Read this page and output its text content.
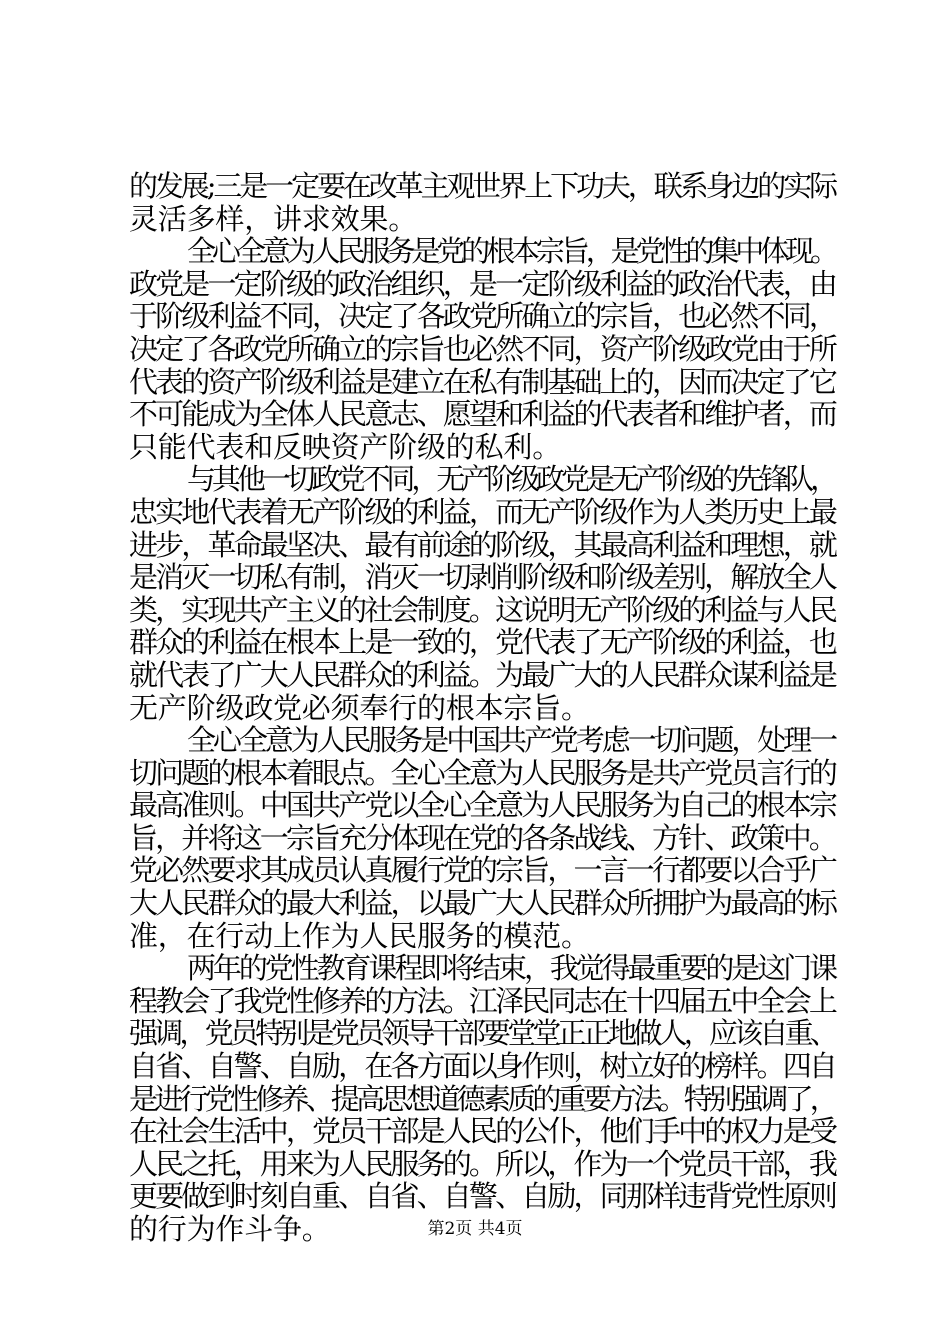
的发展;三是一定要在改革主观世界上下功夫，联系身边的实际
灵活多样，讲求效果。
全心全意为人民服务是党的根本宗旨，是党性的集中体现。
政党是一定阶级的政治组织，是一定阶级利益的政治代表，由
于阶级利益不同，决定了各政党所确立的宗旨，也必然不同，
决定了各政党所确立的宗旨也必然不同，资产阶级政党由于所
代表的资产阶级利益是建立在私有制基础上的，因而决定了它
不可能成为全体人民意志、愿望和利益的代表者和维护者，而
只能代表和反映资产阶级的私利。
与其他一切政党不同，无产阶级政党是无产阶级的先锋队，
忠实地代表着无产阶级的利益，而无产阶级作为人类历史上最
进步，革命最坚决、最有前途的阶级，其最高利益和理想，就
是消灭一切私有制，消灭一切剥削阶级和阶级差别，解放全人
类，实现共产主义的社会制度。这说明无产阶级的利益与人民
群众的利益在根本上是一致的，党代表了无产阶级的利益，也
就代表了广大人民群众的利益。为最广大的人民群众谋利益是
无产阶级政党必须奉行的根本宗旨。
全心全意为人民服务是中国共产党考虑一切问题，处理一
切问题的根本着眼点。全心全意为人民服务是共产党员言行的
最高准则。中国共产党以全心全意为人民服务为自己的根本宗
旨，并将这一宗旨充分体现在党的各条战线、方针、政策中。
党必然要求其成员认真履行党的宗旨，一言一行都要以合乎广
大人民群众的最大利益，以最广大人民群众所拥护为最高的标
准，在行动上作为人民服务的模范。
两年的党性教育课程即将结束，我觉得最重要的是这门课
程教会了我党性修养的方法。江泽民同志在十四届五中全会上
强调，党员特别是党员领导干部要堂堂正正地做人，应该自重、
自省、自警、自励，在各方面以身作则，树立好的榜样。四自
是进行党性修养、提高思想道德素质的重要方法。特别强调了，
在社会生活中，党员干部是人民的公仆，他们手中的权力是受
人民之托，用来为人民服务的。所以，作为一个党员干部，我
更要做到时刻自重、自省、自警、自励，同那样违背党性原则
的行为作斗争。	第2页 共4页
